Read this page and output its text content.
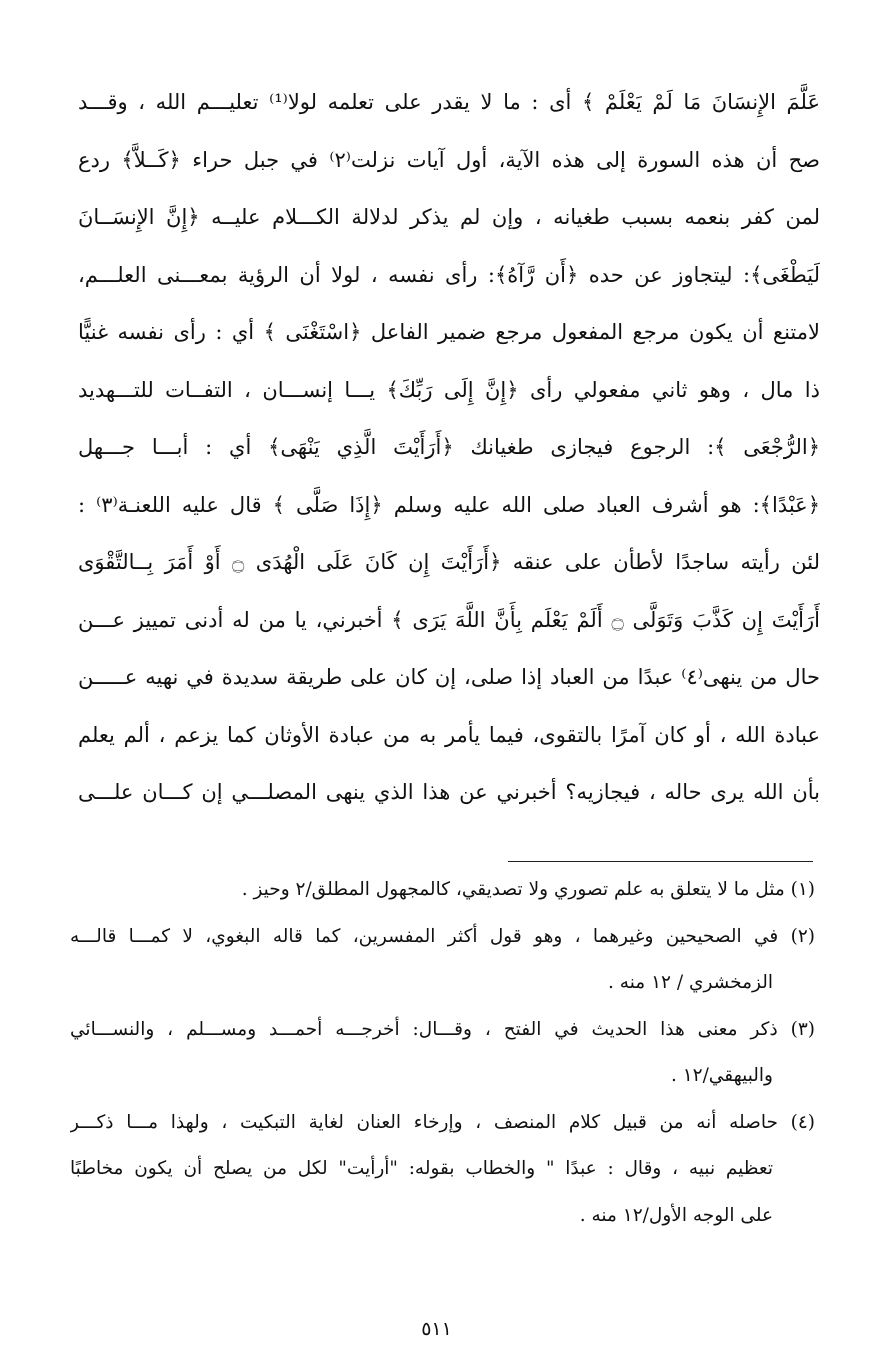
عَلَّمَ الإِنسَانَ مَا لَمْ يَعْلَمْ ﴾ أى : ما لا يقدر على تعلمه لولا⁽¹⁾ تعليـــم الله ، وقـــد
صح أن هذه السورة إلى هذه الآية، أول آيات نزلت⁽٢⁾ في جبل حراء ﴿كَــلاَّ﴾ ردع
لمن كفر بنعمه بسبب طغيانه ، وإن لم يذكر لدلالة الكـــلام عليــه ﴿إِنَّ الإِنسَــانَ
لَيَطْغَى﴾: ليتجاوز عن حده ﴿أَن رَّآهُ﴾: رأى نفسه ، لولا أن الرؤية بمعـــنى العلـــم،
لامتنع أن يكون مرجع المفعول مرجع ضمير الفاعل ﴿اسْتَغْنَى ﴾ أي : رأى نفسه غنيًّا
ذا مال ، وهو ثاني مفعولي رأى ﴿إِنَّ إِلَى رَبِّكَ﴾ يـــا إنســـان ، التفــات للتـــهديد
﴿الرُّجْعَى ﴾: الرجوع فيجازى طغيانك ﴿أَرَأَيْتَ الَّذِي يَنْهَى﴾ أي : أبـــا جـــهل
﴿عَبْدًا﴾: هو أشرف العباد صلى الله عليه وسلم ﴿إِذَا صَلَّى ﴾ قال عليه اللعنـة⁽٣⁾ :
لئن رأيته ساجدًا لأطأن على عنقه ﴿أَرَأَيْتَ إِن كَانَ عَلَى الْهُدَى ۝ أَوْ أَمَرَ بِــالتَّقْوَى
أَرَأَيْتَ إِن كَذَّبَ وَتَوَلَّى ۝ أَلَمْ يَعْلَم بِأَنَّ اللَّهَ يَرَى ﴾ أخبرني، يا من له أدنى تمييز عـــن
حال من ينهى⁽٤⁾ عبدًا من العباد إذا صلى، إن كان على طريقة سديدة في نهيه عـــــن
عبادة الله ، أو كان آمرًا بالتقوى، فيما يأمر به من عبادة الأوثان كما يزعم ، ألم يعلم
بأن الله يرى حاله ، فيجازيه؟ أخبرني عن هذا الذي ينهى المصلـــي إن كـــان علـــى
(١) مثل ما لا يتعلق به علم تصوري ولا تصديقي، كالمجهول المطلق/٢ وحيز .
(٢) في الصحيحين وغيرهما ، وهو قول أكثر المفسرين، كما قاله البغوي، لا كمـــا قالـــه
الزمخشري / ١٢ منه .
(٣) ذكر معنى هذا الحديث في الفتح ، وقـــال: أخرجـــه أحمـــد ومســـلم ، والنســـائي
والبيهقي/١٢ .
(٤) حاصله أنه من قبيل كلام المنصف ، وإرخاء العنان لغاية التبكيت ، ولهذا مـــا ذكـــر
تعظيم نبيه ، وقال : عبدًا " والخطاب بقوله: "أرأيت" لكل من يصلح أن يكون مخاطبًا
على الوجه الأول/١٢ منه .
٥١١
